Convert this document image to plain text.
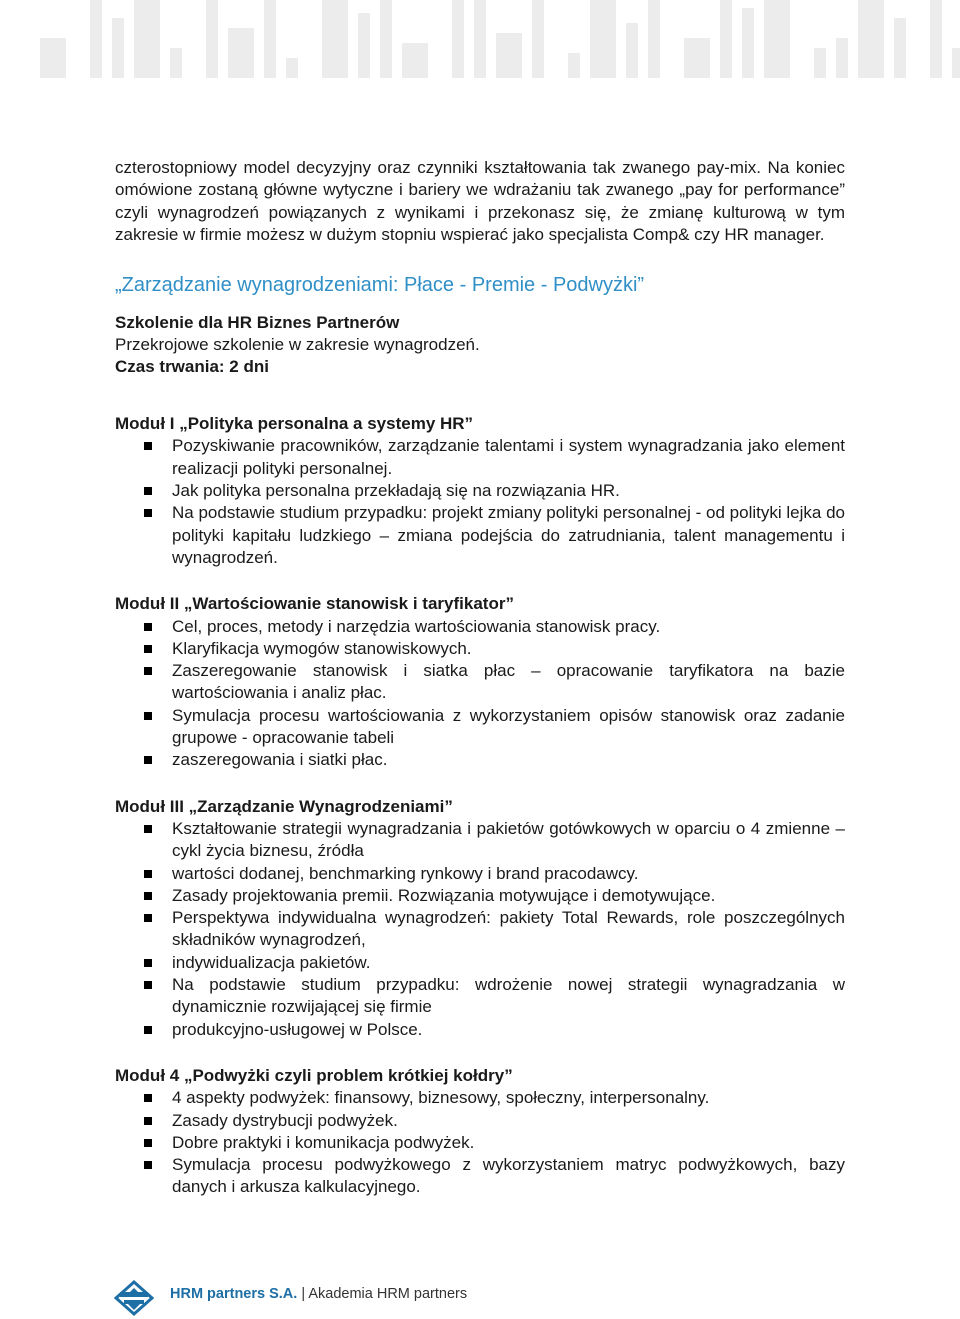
czterostopniowy model decyzyjny oraz czynniki kształtowania tak zwanego pay-mix. Na koniec omówione zostaną główne wytyczne i bariery we wdrażaniu tak zwanego „pay for performance” czyli wynagrodzeń powiązanych z wynikami i przekonasz się, że zmianę kulturową w tym zakresie w firmie możesz w dużym stopniu wspierać jako specjalista Comp& czy HR manager.

„Zarządzanie wynagrodzeniami: Płace - Premie - Podwyżki”

Szkolenie dla HR Biznes Partnerów

Przekrojowe szkolenie w zakresie wynagrodzeń.

Czas trwania: 2 dni

Moduł I „Polityka personalna a systemy HR”

Pozyskiwanie pracowników, zarządzanie talentami i system wynagradzania jako element realizacji polityki personalnej.
Jak polityka personalna przekładają się na rozwiązania HR.
Na podstawie studium przypadku: projekt zmiany polityki personalnej - od polityki lejka do polityki kapitału ludzkiego – zmiana podejścia do zatrudniania, talent managementu i wynagrodzeń.

Moduł II „Wartościowanie stanowisk i taryfikator”

Cel, proces, metody i narzędzia wartościowania stanowisk pracy.
Klaryfikacja wymogów stanowiskowych.
Zaszeregowanie stanowisk i siatka płac – opracowanie taryfikatora na bazie wartościowania i analiz płac.
Symulacja procesu wartościowania z wykorzystaniem opisów stanowisk oraz zadanie grupowe - opracowanie tabeli
zaszeregowania i siatki płac.

Moduł III „Zarządzanie Wynagrodzeniami”

Kształtowanie strategii wynagradzania i pakietów gotówkowych w oparciu o 4 zmienne – cykl życia biznesu, źródła
wartości dodanej, benchmarking rynkowy i brand pracodawcy.
Zasady projektowania premii. Rozwiązania motywujące i demotywujące.
Perspektywa indywidualna wynagrodzeń: pakiety Total Rewards, role poszczególnych składników wynagrodzeń,
indywidualizacja pakietów.
Na podstawie studium przypadku: wdrożenie nowej strategii wynagradzania w dynamicznie rozwijającej się firmie
produkcyjno-usługowej w Polsce.

Moduł 4 „Podwyżki czyli problem krótkiej kołdry”

4 aspekty podwyżek: finansowy, biznesowy, społeczny, interpersonalny.
Zasady dystrybucji podwyżek.
Dobre praktyki i komunikacja podwyżek.
Symulacja procesu podwyżkowego z wykorzystaniem matryc podwyżkowych, bazy danych i arkusza kalkulacyjnego.
HRM partners S.A. | Akademia HRM partners
